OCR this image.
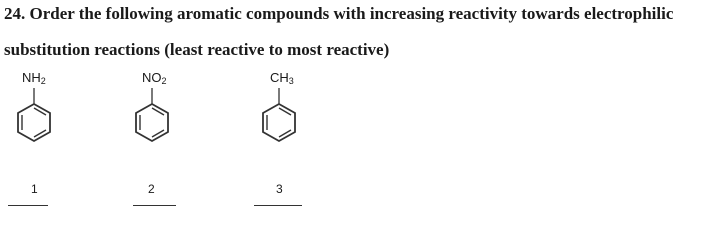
24. Order the following aromatic compounds with increasing reactivity towards electrophilic
substitution reactions (least reactive to most reactive)
$NH_2$	$NO_2$	$CH_3$
1	2	3
